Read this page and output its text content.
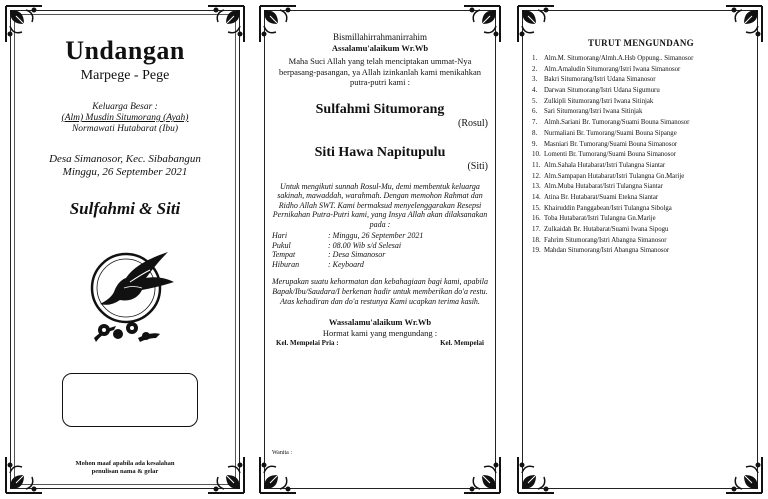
Undangan
Marpege - Pege
Keluarga Besar :
(Alm) Musdin Situmorang (Ayah)
Normawati Hutabarat (Ibu)
Desa Simanosor, Kec. Sibabangun
Minggu, 26 September 2021
Sulfahmi & Siti
Mohon maaf apabila ada kesalahan
penulisan nama & gelar
Bismillahirrahmanirrahim
Assalamu'alaikum Wr.Wb
Maha Suci Allah yang telah menciptakan ummat-Nya berpasang-pasangan, ya Allah izinkanlah kami menikahkan putra-putri kami :
Sulfahmi Situmorang
(Rosul)
Siti Hawa Napitupulu
(Siti)
Untuk mengikuti sunnah Rosul-Mu, demi membentuk keluarga sakinah, mawaddah, warahmah. Dengan memohon Rahmat dan Ridho Allah SWT. Kami bermaksud menyelenggarakan Resepsi Pernikahan Putra-Putri kami, yang Insya Allah akan dilaksanakan pada :
Hari	: Minggu, 26 September 2021
Pukul	: 08.00 Wib s/d Selesai
Tempat	: Desa Simanosor
Hiburan	: Keyboard
Merupakan suatu kehormatan dan kebahagiaan bagi kami, apabila Bapak/Ibu/Saudara/I berkenan hadir untuk memberikan do'a restu. Atas kehadiran dan do'a restunya Kami ucapkan terima kasih.
Wassalamu'alaikum Wr.Wb
Hormat kami yang mengundang :
Kel. Mempelai Pria :	Kel. Mempelai
Wanita :
TURUT MENGUNDANG
1. Alm.M. Situmorang/Almh.A.Hsb Oppung.. Simanosor
2. Alm.Amaludin Situmorang/Istri Iwana Simanosor
3. Bakri Situmorang/Istri Udana Simanosor
4. Darwan Situmorang/Istri Udana Sigumuru
5. Zulkipli Situmorang/Istri Iwana Sitinjak
6. Sari Situmorang/Istri Iwana Sitinjak
7. Almh.Sariani Br. Tumorang/Suami Bouna Simanosor
8. Nurmaliani Br. Tumorang/Suami Bouna Sipange
9. Masniari Br. Tumorang/Suami Bouna Simanosor
10. Lomenti Br. Tumorang/Suami Bouna Simanosor
11. Alm.Sahala Hutabarat/Istri Tulangna Siantar
12. Alm.Sampapan Hutabarat/Istri Tulangna Gn.Marije
13. Alm.Muba Hutabarat/Istri Tulangna Siantar
14. Atina Br. Hutabarat/Suami Etekna Siantar
15. Khairuddin Panggabean/Istri Tulangna Sibolga
16. Toba Hutabarat/Istri Tulangna Gn.Marije
17. Zulkaidah Br. Hutabarat/Suami Iwana Sipogu
18. Fahrim Situmorang/Istri Abangna Simanosor
19. Mahdan Situmorang/Istri Abangna Simanosor
